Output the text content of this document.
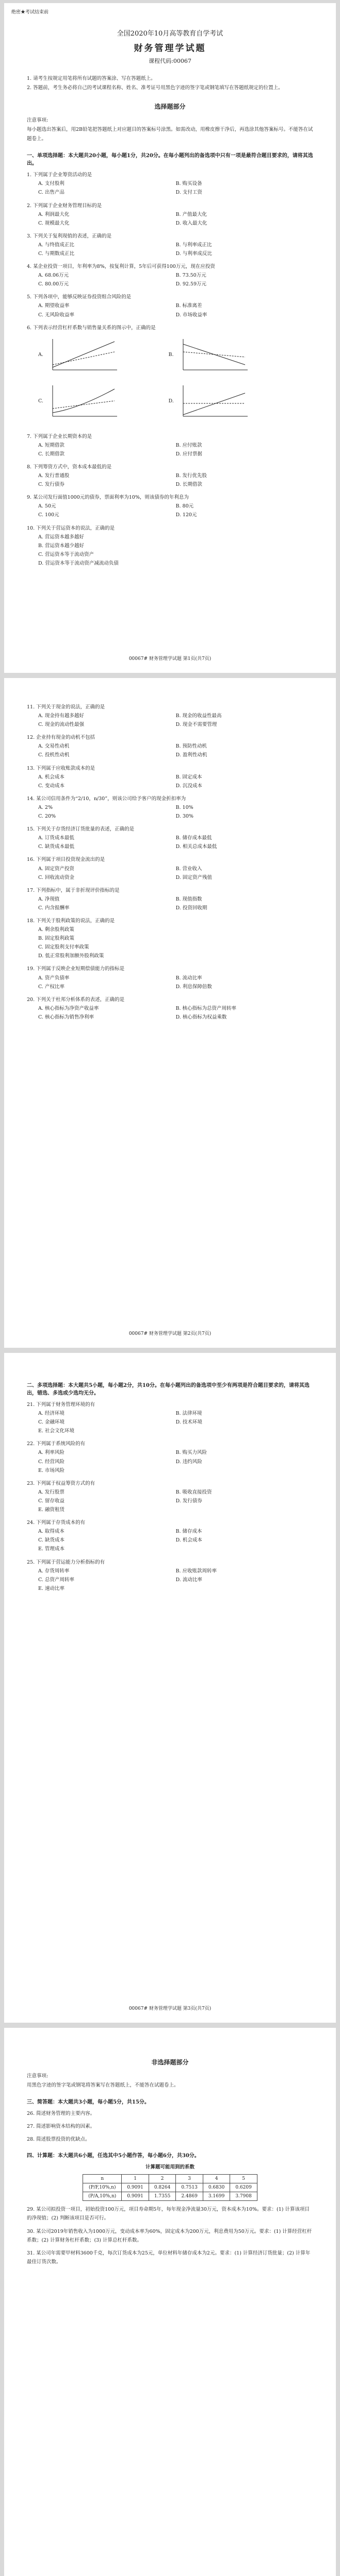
绝密★考试结束前
全国2020年10月高等教育自学考试
财务管理学试题
课程代码:00067
1. 请考生按规定用笔将所有试题的答案涂、写在答题纸上。
2. 答题前，考生务必将自己的考试课程名称、姓名、准考证号用黑色字迹的签字笔或钢笔填写在答题纸规定的位置上。
选择题部分
注意事项:
每小题选出答案后，用2B铅笔把答题纸上对应题目的答案标号涂黑。如需改动，用橡皮擦干净后，再选涂其他答案标号。不能答在试题卷上。
一、单项选择题：本大题共20小题，每小题1分，共20分。在每小题列出的备选项中只有一项是最符合题目要求的，请将其选出。
1. 下列属于企业筹资活动的是
A. 支付股利	B. 购买设备
C. 出售产品	D. 支付工资
2. 下列属于企业财务管理目标的是
A. 利润最大化	B. 产值最大化
C. 规模最大化	D. 收入最大化
3. 下列关于复利现值的表述，正确的是
A. 与终值成正比	B. 与利率成正比
C. 与期数成正比	D. 与利率成反比
4. 某企业投资一项目，年利率为8%，按复利计算，5年后可获得100万元，现在应投资
A. 68.06万元	B. 73.50万元
C. 80.00万元	D. 92.59万元
5. 下列各项中，能够反映证券投资组合风险的是
A. 期望收益率	B. 标准离差
C. 无风险收益率	D. 市场收益率
6. 下列表示经营杠杆系数与销售量关系的图示中，正确的是
A.	B.
C.	D.
7. 下列属于企业长期资本的是
A. 短期借款	B. 应付账款
C. 长期借款	D. 应付票据
8. 下列筹资方式中，资本成本最低的是
A. 发行普通股	B. 发行优先股
C. 发行债券	D. 长期借款
9. 某公司发行面值1000元的债券，票面利率为10%，则该债券的年利息为
A. 50元	B. 80元
C. 100元	D. 120元
10. 下列关于营运资本的说法，正确的是
A. 营运资本越多越好
B. 营运资本越少越好
C. 营运资本等于流动资产
D. 营运资本等于流动资产减流动负债
00067# 财务管理学试题 第1页(共7页)
11. 下列关于现金的说法，正确的是
A. 现金持有越多越好	B. 现金的收益性最高
C. 现金的流动性最强	D. 现金不需要管理
12. 企业持有现金的动机不包括
A. 交易性动机	B. 预防性动机
C. 投机性动机	D. 盈利性动机
13. 下列属于应收账款成本的是
A. 机会成本	B. 固定成本
C. 变动成本	D. 沉没成本
14. 某公司信用条件为“2/10，n/30”，则该公司给予客户的现金折扣率为
A. 2%	B. 10%
C. 20%	D. 30%
15. 下列关于存货经济订货批量的表述，正确的是
A. 订货成本最低	B. 储存成本最低
C. 缺货成本最低	D. 相关总成本最低
16. 下列属于项目投资现金流出的是
A. 固定资产投资	B. 营业收入
C. 回收流动资金	D. 固定资产残值
17. 下列指标中，属于非折现评价指标的是
A. 净现值	B. 现值指数
C. 内含报酬率	D. 投资回收期
18. 下列关于股利政策的说法，正确的是
A. 剩余股利政策
B. 固定股利政策
C. 固定股利支付率政策
D. 低正常股利加额外股利政策
19. 下列属于反映企业短期偿债能力的指标是
A. 资产负债率	B. 流动比率
C. 产权比率	D. 利息保障倍数
20. 下列关于杜邦分析体系的表述，正确的是
A. 核心指标为净资产收益率	B. 核心指标为总资产周转率
C. 核心指标为销售净利率	D. 核心指标为权益乘数
00067# 财务管理学试题 第2页(共7页)
二、多项选择题：本大题共5小题，每小题2分，共10分。在每小题列出的备选项中至少有两项是符合题目要求的，请将其选出，错选、多选或少选均无分。
21. 下列属于财务管理环境的有
A. 经济环境	B. 法律环境
C. 金融环境	D. 技术环境
E. 社会文化环境
22. 下列属于系统风险的有
A. 利率风险	B. 购买力风险
C. 经营风险	D. 违约风险
E. 市场风险
23. 下列属于权益筹资方式的有
A. 发行股票	B. 吸收直接投资
C. 留存收益	D. 发行债券
E. 融资租赁
24. 下列属于存货成本的有
A. 取得成本	B. 储存成本
C. 缺货成本	D. 机会成本
E. 管理成本
25. 下列属于营运能力分析指标的有
A. 存货周转率	B. 应收账款周转率
C. 总资产周转率	D. 流动比率
E. 速动比率
00067# 财务管理学试题 第3页(共7页)
非选择题部分
注意事项:
用黑色字迹的签字笔或钢笔将答案写在答题纸上，不能答在试题卷上。
三、简答题：本大题共3小题，每小题5分，共15分。
26. 简述财务管理的主要内容。
27. 简述影响资本结构的因素。
28. 简述股票投资的优缺点。
四、计算题：本大题共6小题，任选其中5小题作答，每小题6分，共30分。
计算题可能用到的系数
n	1	2	3	4	5
(P/F,10%,n)	0.9091	0.8264	0.7513	0.6830	0.6209
(P/A,10%,n)	0.9091	1.7355	2.4869	3.1699	3.7908
29. 某公司拟投资一项目，初始投资100万元，项目寿命期5年，每年现金净流量30万元，资本成本为10%。要求：(1) 计算该项目的净现值；(2) 判断该项目是否可行。
30. 某公司2019年销售收入为1000万元，变动成本率为60%，固定成本为200万元，利息费用为50万元。要求：(1) 计算经营杠杆系数；(2) 计算财务杠杆系数；(3) 计算总杠杆系数。
31. 某公司年需要甲材料3600千克，每次订货成本为25元，单位材料年储存成本为2元。要求：(1) 计算经济订货批量；(2) 计算年最佳订货次数。
